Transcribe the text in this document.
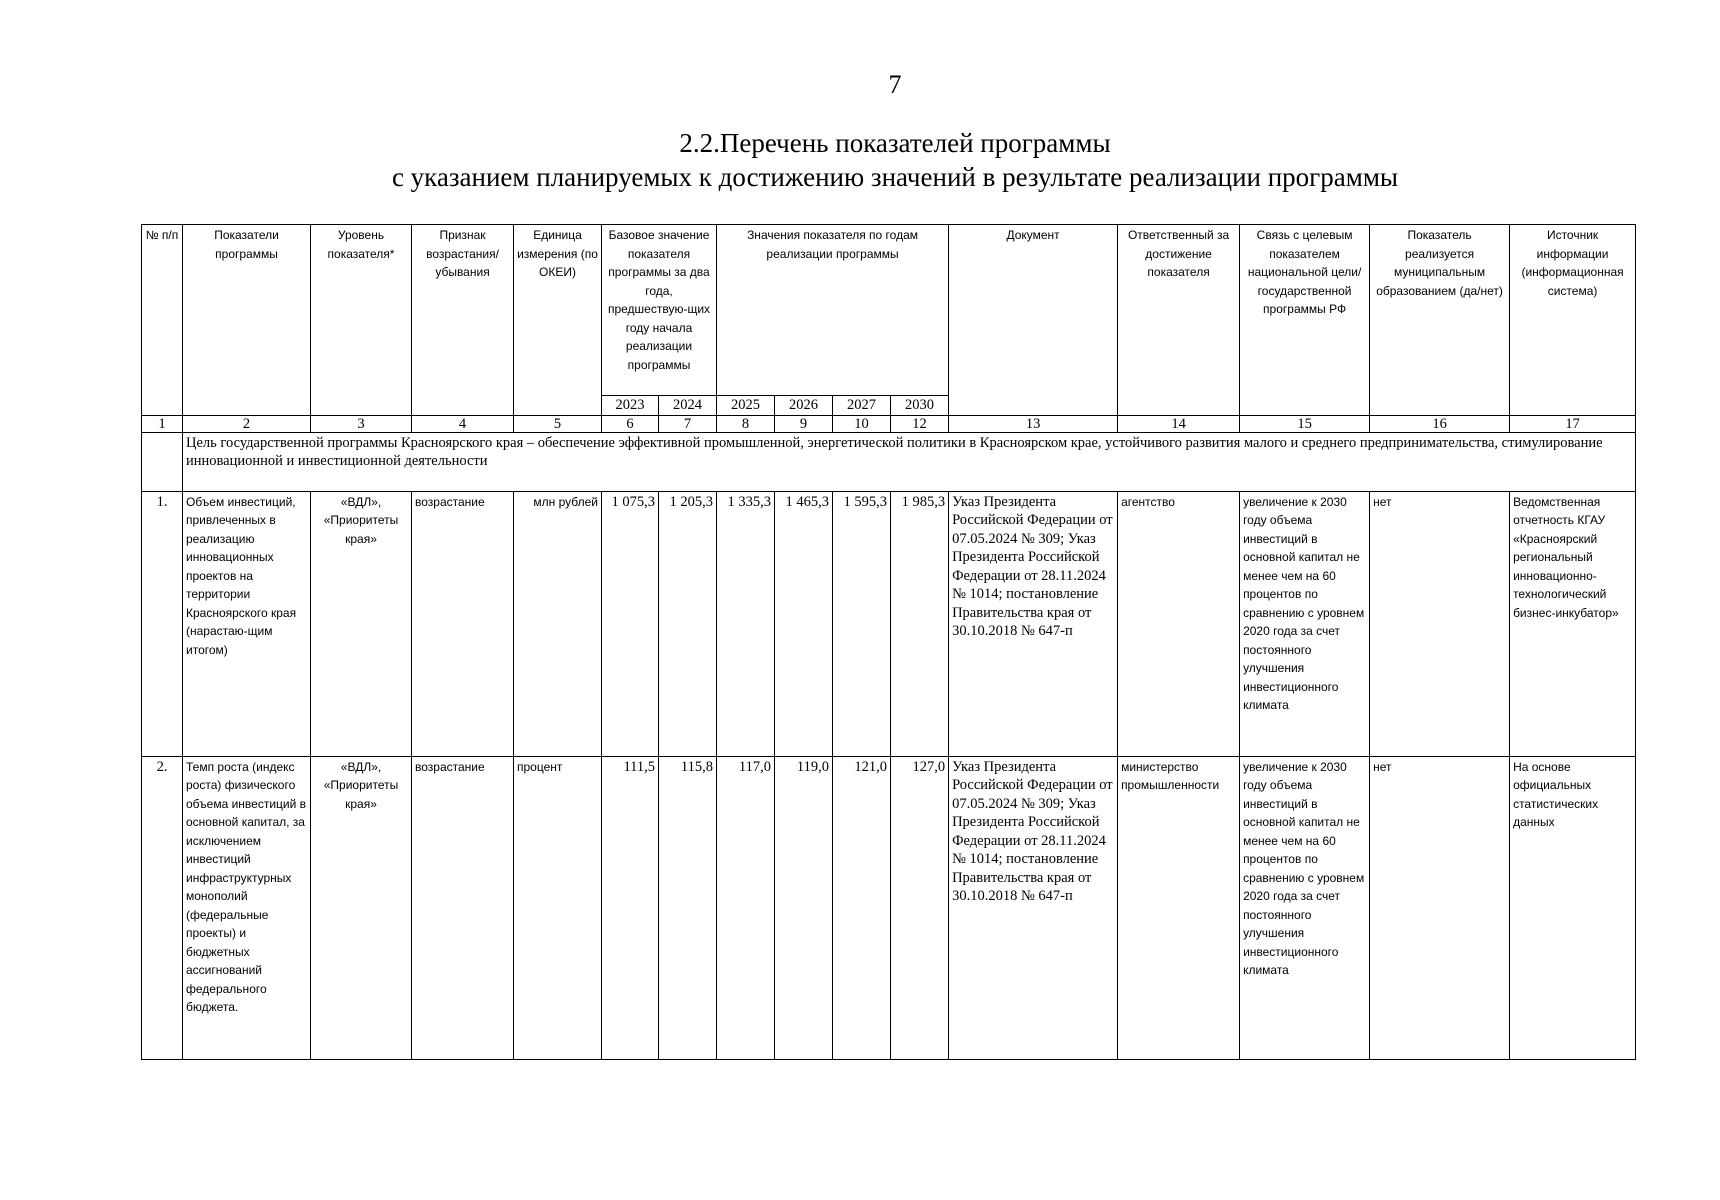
7
2.2.Перечень показателей программы
с указанием планируемых к достижению значений в результате реализации программы
№ п/п	Показатели программы	Уровень показателя*	Признак возрастания/ убывания	Единица измерения (по ОКЕИ)	Базовое значение показателя программы за два года, предшествую-щих году начала реализации программы		Значения показателя по годам реализации программы				Документ	Ответственный за достижение показателя	Связь с целевым показателем национальной цели/ государственной программы РФ	Показатель реализуется муниципальным образованием (да/нет)	Источник информации (информационная система)
					2023	2024	2025	2026	2027	2030					
1	2	3	4	5	6	7	8	9	10	12	13	14	15	16	17
	Цель государственной программы Красноярского края – обеспечение эффективной промышленной, энергетической политики в Красноярском крае, устойчивого развития малого и среднего предпринимательства, стимулирование инновационной и инвестиционной деятельности														
1.	Объем инвестиций, привлеченных в реализацию инновационных проектов на территории Красноярского края (нарастаю-щим итогом)	«ВДЛ», «Приоритеты края»	возрастание	млн рублей	1 075,3	1 205,3	1 335,3	1 465,3	1 595,3	1 985,3	Указ Президента Российской Федерации от 07.05.2024 № 309; Указ Президента Российской Федерации от 28.11.2024 № 1014; постановление Правительства края от 30.10.2018 № 647-п	агентство	увеличение к 2030 году объема инвестиций в основной капитал не менее чем на 60 процентов по сравнению с уровнем 2020 года за счет постоянного улучшения инвестиционного климата	нет	Ведомственная отчетность КГАУ «Красноярский региональный инновационно-технологический бизнес-инкубатор»
2.	Темп роста (индекс роста) физического объема инвестиций в основной капитал, за исключением инвестиций инфраструктурных монополий (федеральные проекты) и бюджетных ассигнований федерального бюджета.	«ВДЛ», «Приоритеты края»	возрастание	процент	111,5	115,8	117,0	119,0	121,0	127,0	Указ Президента Российской Федерации от 07.05.2024 № 309; Указ Президента Российской Федерации от 28.11.2024 № 1014; постановление Правительства края от 30.10.2018 № 647-п	министерство промышленности	увеличение к 2030 году объема инвестиций в основной капитал не менее чем на 60 процентов по сравнению с уровнем 2020 года за счет постоянного улучшения инвестиционного климата	нет	На основе официальных статистических данных
